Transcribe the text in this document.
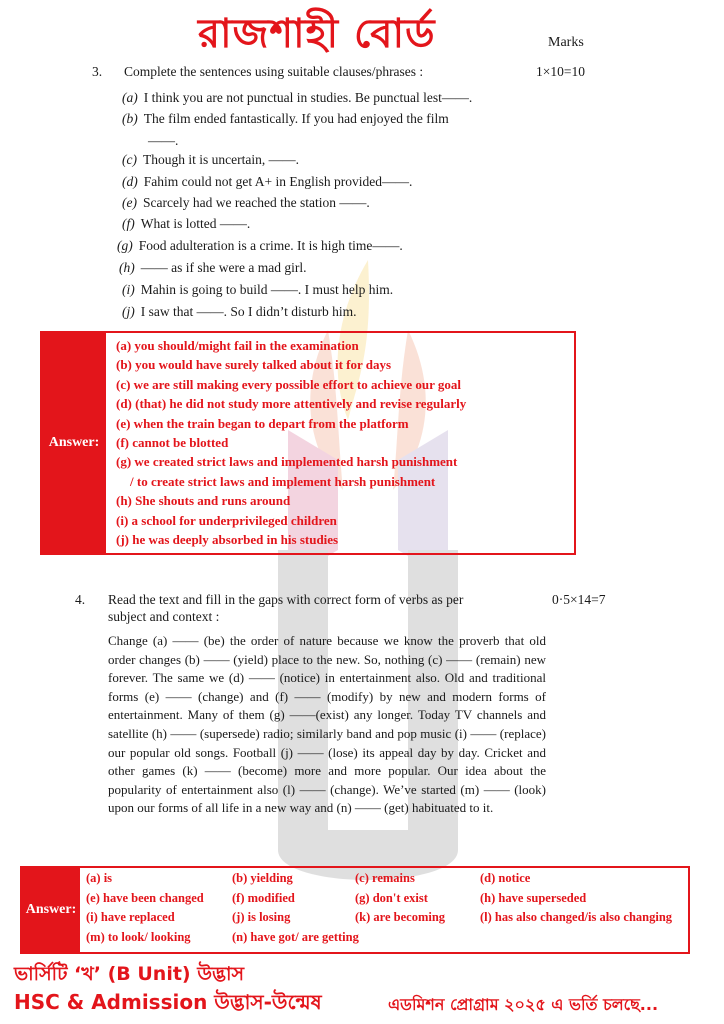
রাজশাহী বোর্ড	Marks
3. Complete the sentences using suitable clauses/phrases :	1×10=10
(a) I think you are not punctual in studies. Be punctual lest——.
(b) The film ended fantastically. If you had enjoyed the film
(c) Though it is uncertain, ——.
(d) Fahim could not get A+ in English provided——.
(e) Scarcely had we reached the station ——.
(f) What is lotted ——.
(g) Food adulteration is a crime. It is high time——.
(h) —— as if she were a mad girl.
(i) Mahin is going to build ——. I must help him.
(j) I saw that ——. So I didn’t disturb him.
——.
Answer:
(a) you should/might fail in the examination
(b) you would have surely talked about it for days
(c) we are still making every possible effort to achieve our goal
(d) (that) he did not study more attentively and revise regularly
(e) when the train began to depart from the platform
(f) cannot be blotted
(g) we created strict laws and implemented harsh punishment
/ to create strict laws and implement harsh punishment
(h) She shouts and runs around
(i) a school for underprivileged children
(j) he was deeply absorbed in his studies
4. Read the text and fill in the gaps with correct form of verbs as per
subject and context :
0·5×14=7
Change (a) —— (be) the order of nature because we know the proverb that old order changes (b) —— (yield) place to the new. So, nothing (c) —— (remain) new forever. The same we (d) —— (notice) in entertainment also. Old and traditional forms (e) —— (change) and (f) —— (modify) by new and modern forms of entertainment. Many of them (g) ——(exist) any longer. Today TV channels and satellite (h) —— (supersede) radio; similarly band and pop music (i) —— (replace) our popular old songs. Football (j) —— (lose) its appeal day by day. Cricket and other games (k) —— (become) more and more popular. Our idea about the popularity of entertainment also (l) —— (change). We’ve started (m) —— (look) upon our forms of all life in a new way and (n) —— (get) habituated to it.
Answer:
(a) is	(b) yielding	(c) remains	(d) notice
(e) have been changed (f) modified	(g) don't exist	(h) have superseded
(i) have replaced	(j) is losing	(k) are becoming	(l) has also changed/is also changing
(m) to look/ looking	(n) have got/ are getting
ভার্সিটি ‘খ’ (B Unit) উদ্ভাস
HSC & Admission উদ্ভাস-উন্মেষ	এডমিশন প্রোগ্রাম ২০২৫ এ ভর্তি চলছে...
